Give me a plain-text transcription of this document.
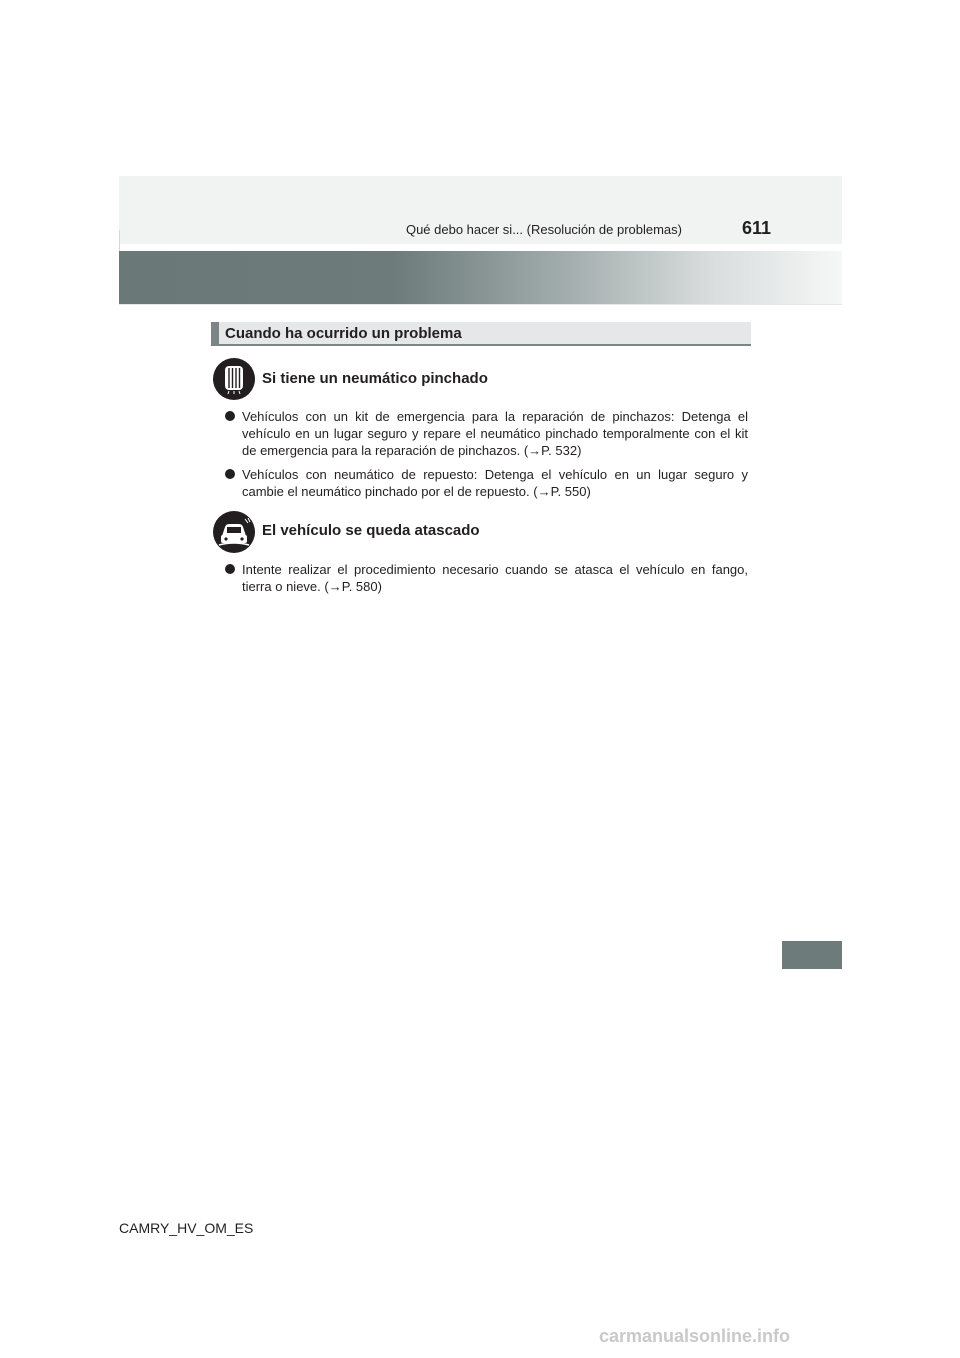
Qué debo hacer si... (Resolución de problemas)	611
Cuando ha ocurrido un problema
Si tiene un neumático pinchado
Vehículos con un kit de emergencia para la reparación de pinchazos: Detenga el vehículo en un lugar seguro y repare el neumático pinchado temporalmente con el kit de emergencia para la reparación de pinchazos. (→P. 532)
Vehículos con neumático de repuesto: Detenga el vehículo en un lugar seguro y cambie el neumático pinchado por el de repuesto. (→P. 550)
El vehículo se queda atascado
Intente realizar el procedimiento necesario cuando se atasca el vehículo en fango, tierra o nieve. (→P. 580)
CAMRY_HV_OM_ES
carmanualsonline.info
